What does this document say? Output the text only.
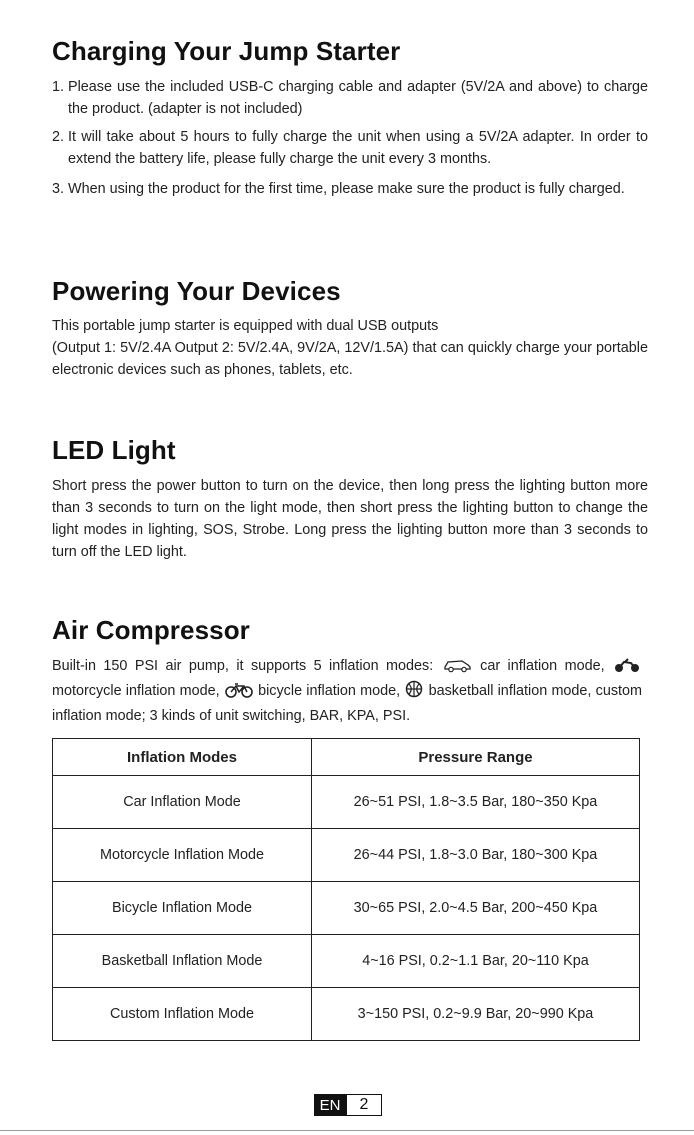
Charging Your Jump Starter
1. Please use the included USB-C charging cable and adapter (5V/2A and above) to charge the product. (adapter is not included)
2. It will take about 5 hours to fully charge the unit when using a 5V/2A adapter. In order to extend the battery life, please fully charge the unit every 3 months.
3. When using the product for the first time, please make sure the product is fully charged.
Powering Your Devices
This portable jump starter is equipped with dual USB outputs
(Output 1: 5V/2.4A Output 2: 5V/2.4A, 9V/2A, 12V/1.5A) that can quickly charge your portable electronic devices such as phones, tablets, etc.
LED Light
Short press the power button to turn on the device, then long press the lighting button more than 3 seconds to turn on the light mode, then short press the lighting button to change the light modes in lighting, SOS, Strobe. Long press the lighting button more than 3 seconds to turn off the LED light.
Air Compressor
Built-in 150 PSI air pump, it supports 5 inflation modes:	car inflation mode,  motorcycle inflation mode,	bicycle inflation mode, basketball inflation mode, custom inflation mode; 3 kinds of unit switching, BAR, KPA, PSI.
Inflation Modes	Pressure Range
Car Inflation Mode	26~51 PSI, 1.8~3.5 Bar, 180~350 Kpa
Motorcycle Inflation Mode	26~44 PSI, 1.8~3.0 Bar, 180~300 Kpa
Bicycle Inflation Mode	30~65 PSI, 2.0~4.5 Bar, 200~450 Kpa
Basketball Inflation Mode	4~16 PSI, 0.2~1.1 Bar, 20~110 Kpa
Custom Inflation Mode	3~150 PSI, 0.2~9.9 Bar, 20~990 Kpa
EN	2
